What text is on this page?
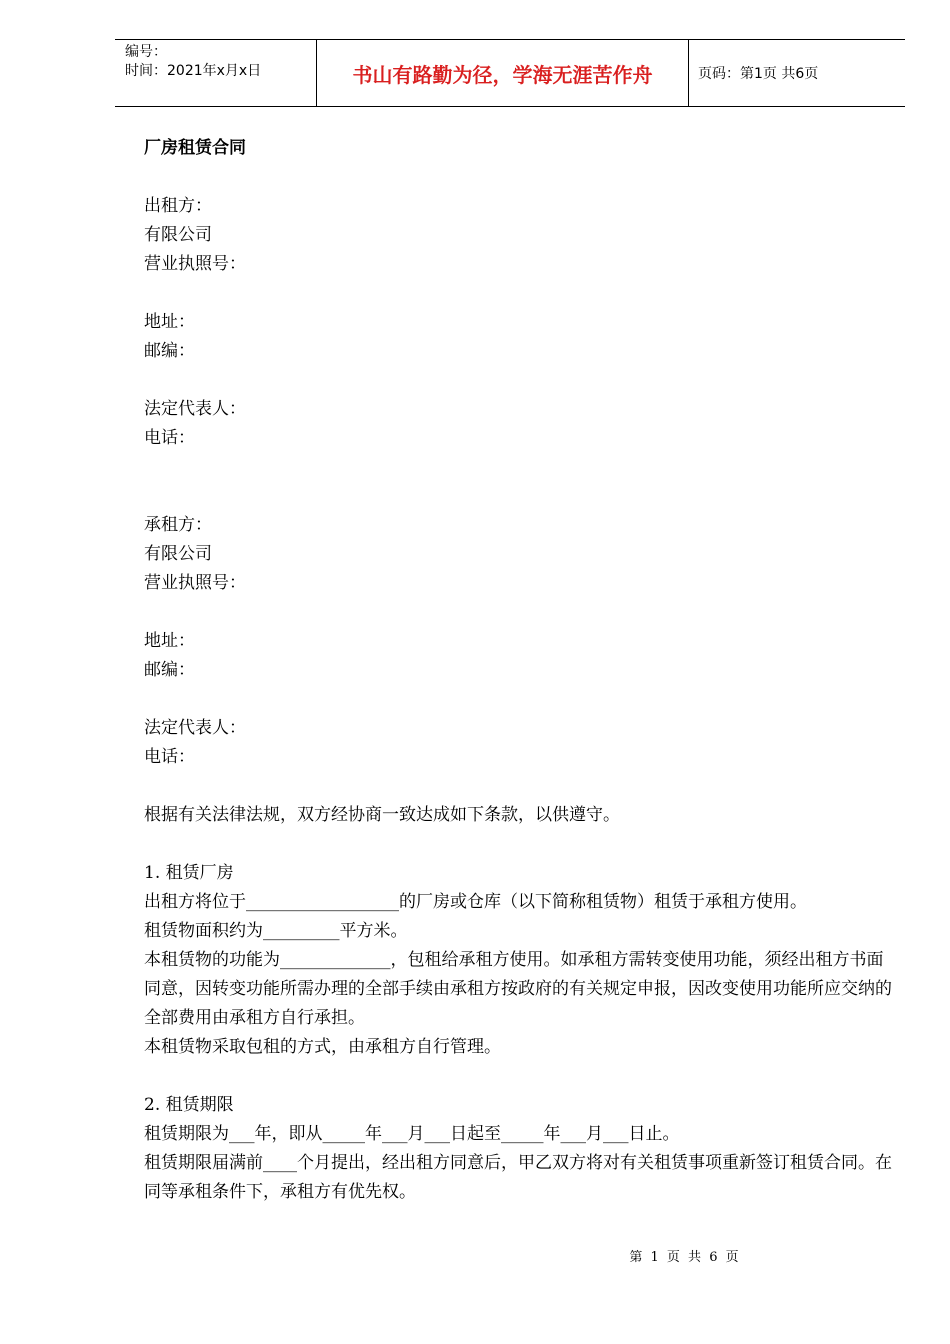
编号：
时间：2021年x月x日	书山有路勤为径，学海无涯苦作舟	页码：第1页 共6页
厂房租赁合同
出租方：
有限公司
营业执照号：
地址：
邮编：
法定代表人：
电话：
承租方：
有限公司
营业执照号：
地址：
邮编：
法定代表人：
电话：
根据有关法律法规，双方经协商一致达成如下条款，以供遵守。
1. 租赁厂房
出租方将位于__________________的厂房或仓库（以下简称租赁物）租赁于承租方使用。
租赁物面积约为_________平方米。
本租赁物的功能为_____________，包租给承租方使用。如承租方需转变使用功能，须经出租方书面同意，因转变功能所需办理的全部手续由承租方按政府的有关规定申报，因改变使用功能所应交纳的全部费用由承租方自行承担。
本租赁物采取包租的方式，由承租方自行管理。
2. 租赁期限
租赁期限为___年，即从_____年___月___日起至_____年___月___日止。
租赁期限届满前____个月提出，经出租方同意后，甲乙双方将对有关租赁事项重新签订租赁合同。在同等承租条件下，承租方有优先权。
第 1 页 共 6 页
